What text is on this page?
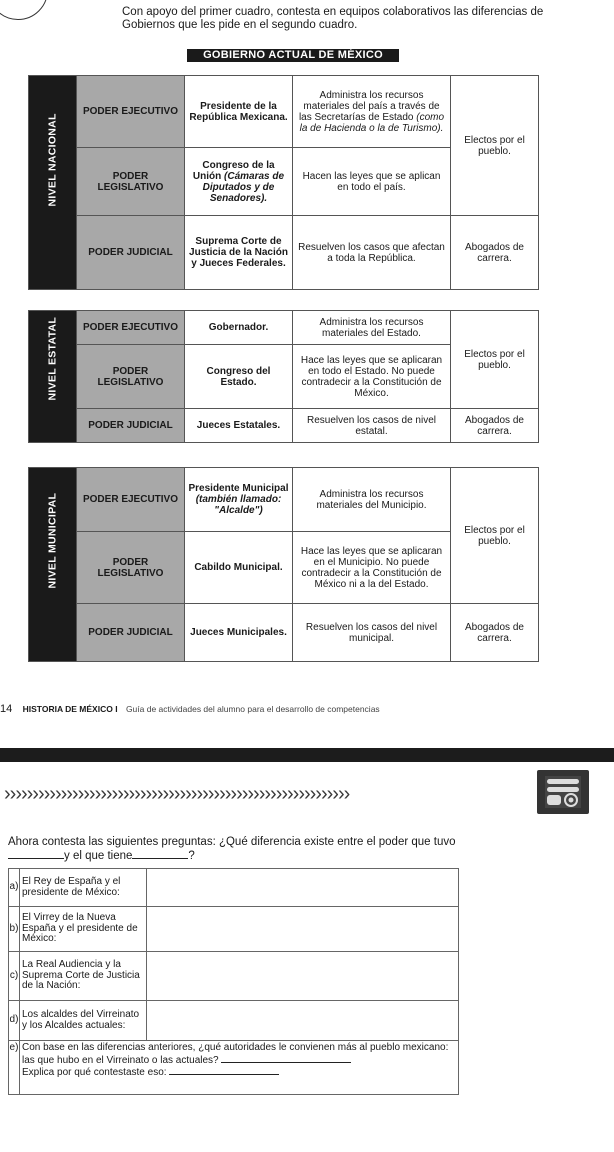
Con apoyo del primer cuadro, contesta en equipos colaborativos las diferencias de Gobiernos que les pide en el segundo cuadro.

GOBIERNO ACTUAL DE MÉXICO
NIVEL NACIONAL	PODER EJECUTIVO	Presidente de la República Mexicana.	Administra los recursos materiales del país a través de las Secretarías de Estado (como la de Hacienda o la de Turismo).	Electos por el pueblo.
	PODER LEGISLATIVO	Congreso de la Unión (Cámaras de Diputados y de Senadores).	Hacen las leyes que se aplican en todo el país.	
	PODER JUDICIAL	Suprema Corte de Justicia de la Nación y Jueces Federales.	Resuelven los casos que afectan a toda la República.	Abogados de carrera.
NIVEL ESTATAL	PODER EJECUTIVO	Gobernador.	Administra los recursos materiales del Estado.	Electos por el pueblo.
	PODER LEGISLATIVO	Congreso del Estado.	Hace las leyes que se aplicaran en todo el Estado. No puede contradecir a la Constitución de México.	
	PODER JUDICIAL	Jueces Estatales.	Resuelven los casos de nivel estatal.	Abogados de carrera.
NIVEL MUNICIPAL	PODER EJECUTIVO	Presidente Municipal (también llamado: "Alcalde")	Administra los recursos materiales del Municipio.	Electos por el pueblo.
	PODER LEGISLATIVO	Cabildo Municipal.	Hace las leyes que se aplicaran en el Municipio. No puede contradecir a la Constitución de México ni a la del Estado.	
	PODER JUDICIAL	Jueces Municipales.	Resuelven los casos del nivel municipal.	Abogados de carrera.
14 HISTORIA DE MÉXICO I Guía de actividades del alumno para el desarrollo de competencias
›››››››››››››››››››››››››››››››››››››››››››››››››››››››››››››

Ahora contesta las siguientes preguntas: ¿Qué diferencia existe entre el poder que tuvo
y el que tiene	?

a)	El Rey de España y el presidente de México:	
b)	El Virrey de la Nueva España y el presidente de México:	
c)	La Real Audiencia y la Suprema Corte de Justicia de la Nación:	
d)	Los alcaldes del Virreinato y los Alcaldes actuales:	
e)	Con base en las diferencias anteriores, ¿qué autoridades le convienen más al pueblo mexicano: las que hubo en el Virreinato o las actuales?
Explica por qué contestaste eso:	
